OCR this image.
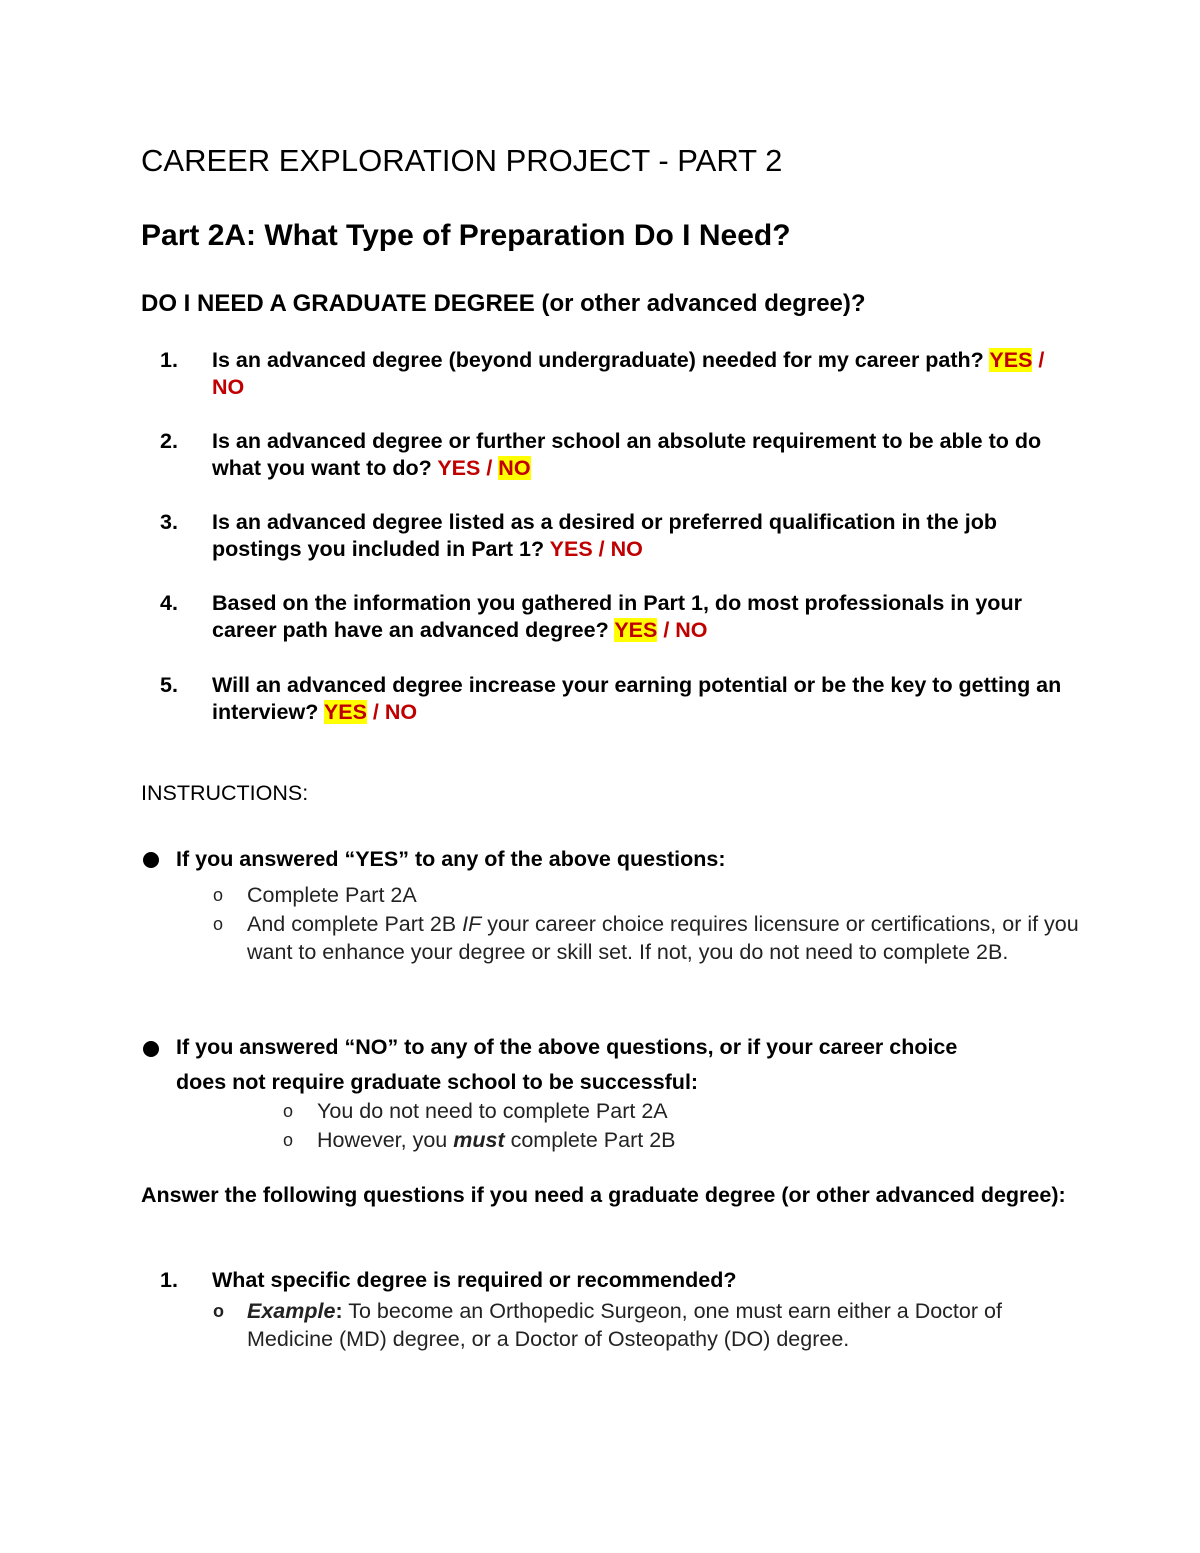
CAREER EXPLORATION PROJECT - PART 2
Part 2A: What Type of Preparation Do I Need?
DO I NEED A GRADUATE DEGREE (or other advanced degree)?
1. Is an advanced degree (beyond undergraduate) needed for my career path? YES / NO
2. Is an advanced degree or further school an absolute requirement to be able to do what you want to do? YES / NO
3. Is an advanced degree listed as a desired or preferred qualification in the job postings you included in Part 1? YES / NO
4. Based on the information you gathered in Part 1, do most professionals in your career path have an advanced degree? YES / NO
5. Will an advanced degree increase your earning potential or be the key to getting an interview? YES / NO
INSTRUCTIONS:
If you answered “YES” to any of the above questions:
o Complete Part 2A
o And complete Part 2B IF your career choice requires licensure or certifications, or if you want to enhance your degree or skill set. If not, you do not need to complete 2B.
If you answered “NO” to any of the above questions, or if your career choice
does not require graduate school to be successful:
o You do not need to complete Part 2A
o However, you must complete Part 2B
Answer the following questions if you need a graduate degree (or other advanced degree):
1. What specific degree is required or recommended?
o Example: To become an Orthopedic Surgeon, one must earn either a Doctor of Medicine (MD) degree, or a Doctor of Osteopathy (DO) degree.
